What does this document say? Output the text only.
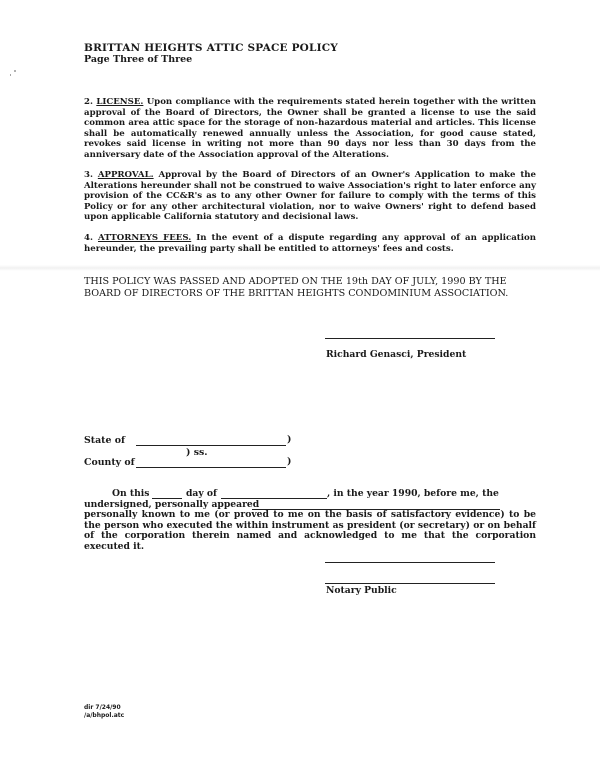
BRITTAN HEIGHTS ATTIC SPACE POLICY
Page Three of Three
2. LICENSE. Upon compliance with the requirements stated herein together with the written approval of the Board of Directors, the Owner shall be granted a license to use the said common area attic space for the storage of non-hazardous material and articles. This license shall be automatically renewed annually unless the Association, for good cause stated, revokes said license in writing not more than 90 days nor less than 30 days from the anniversary date of the Association approval of the Alterations.
3. APPROVAL. Approval by the Board of Directors of an Owner's Application to make the Alterations hereunder shall not be construed to waive Association's right to later enforce any provision of the CC&R's as to any other Owner for failure to comply with the terms of this Policy or for any other architectural violation, nor to waive Owners' right to defend based upon applicable California statutory and decisional laws.
4. ATTORNEYS FEES. In the event of a dispute regarding any approval of an application hereunder, the prevailing party shall be entitled to attorneys' fees and costs.
THIS POLICY WAS PASSED AND ADOPTED ON THE 19th DAY OF JULY, 1990 BY THE BOARD OF DIRECTORS OF THE BRITTAN HEIGHTS CONDOMINIUM ASSOCIATION.
Richard Genasci, President
State of	)
) ss.
County of	)
On this	day of	, in the year 1990, before me, the
undersigned, personally appeared
personally known to me (or proved to me on the basis of satisfactory evidence) to be the person who executed the within instrument as president (or secretary) or on behalf of the corporation therein named and acknowledged to me that the corporation executed it.
Notary Public
dir 7/24/90
/a/bhpol.atc
